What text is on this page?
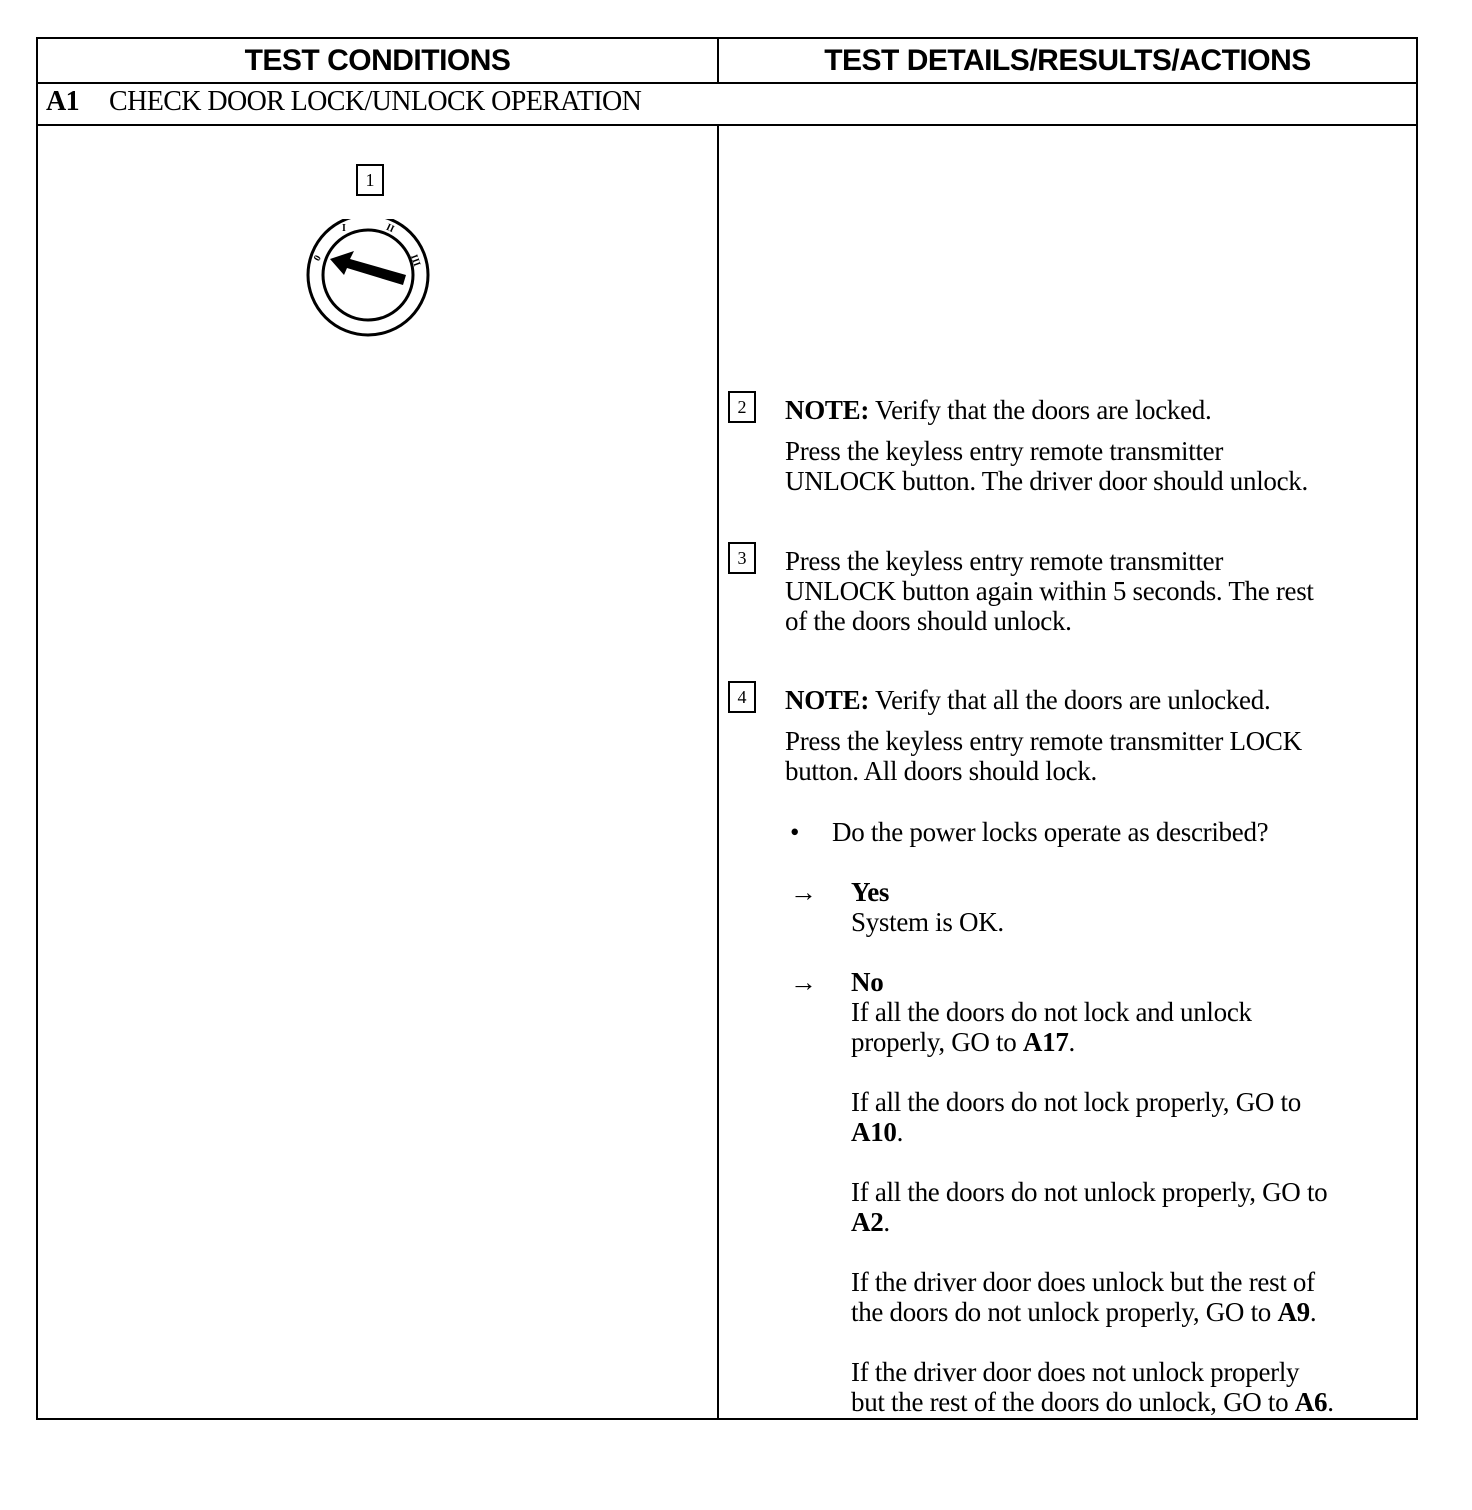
TEST CONDITIONS	TEST DETAILS/RESULTS/ACTIONS
A1 CHECK DOOR LOCK/UNLOCK OPERATION
1
0
I	II
III
2	NOTE: Verify that the doors are locked.
Press the keyless entry remote transmitter
UNLOCK button. The driver door should unlock.
3	Press the keyless entry remote transmitter
UNLOCK button again within 5 seconds. The rest
of the doors should unlock.
4	NOTE: Verify that all the doors are unlocked.
Press the keyless entry remote transmitter LOCK
button. All doors should lock.
• Do the power locks operate as described?
→ Yes
System is OK.
→ No
If all the doors do not lock and unlock
properly, GO to A17.
If all the doors do not lock properly, GO to
A10.
If all the doors do not unlock properly, GO to
A2.
If the driver door does unlock but the rest of
the doors do not unlock properly, GO to A9.
If the driver door does not unlock properly
but the rest of the doors do unlock, GO to A6.
